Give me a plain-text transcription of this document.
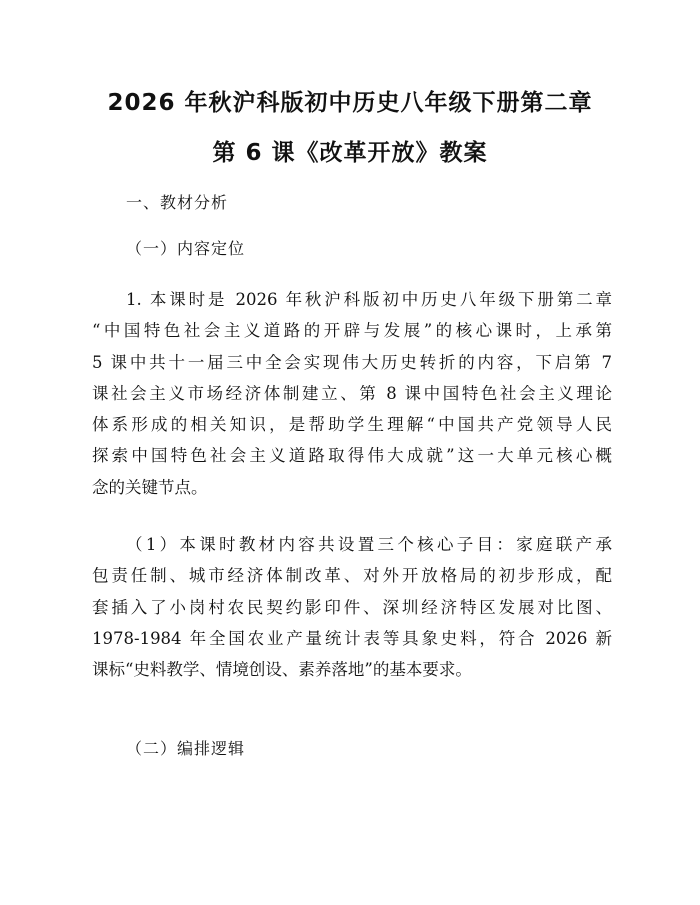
2026 年秋沪科版初中历史八年级下册第二章
第 6 课《改革开放》教案
一、教材分析
（一）内容定位
1. 本课时是 2026 年秋沪科版初中历史八年级下册第二章
“中国特色社会主义道路的开辟与发展”的核心课时，上承第
5 课中共十一届三中全会实现伟大历史转折的内容，下启第 7
课社会主义市场经济体制建立、第 8 课中国特色社会主义理论
体系形成的相关知识，是帮助学生理解“中国共产党领导人民
探索中国特色社会主义道路取得伟大成就”这一大单元核心概
念的关键节点。
（1）本课时教材内容共设置三个核心子目：家庭联产承
包责任制、城市经济体制改革、对外开放格局的初步形成，配
套插入了小岗村农民契约影印件、深圳经济特区发展对比图、
1978-1984 年全国农业产量统计表等具象史料，符合 2026 新
课标“史料教学、情境创设、素养落地”的基本要求。
（二）编排逻辑
